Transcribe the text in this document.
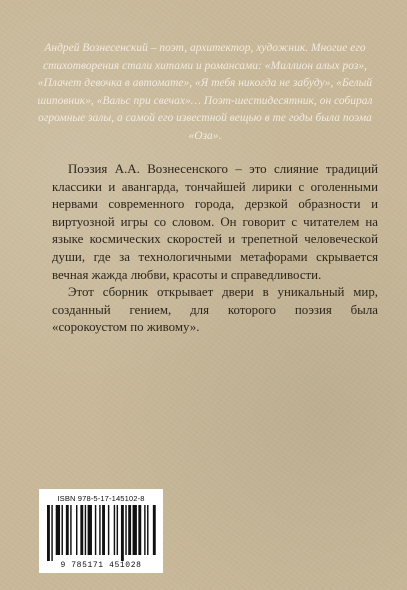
Андрей Вознесенский – поэт, архитектор, художник. Многие его стихотворения стали хитами и романсами: «Миллион алых роз», «Плачет девочка в автомате», «Я тебя никогда не забуду», «Белый шиповник», «Вальс при свечах»… Поэт-шестидесятник, он собирал огромные залы, а самой его известной вещью в те годы была поэма «Оза».

Поэзия А.А. Вознесенского – это слияние традиций классики и авангарда, тончайшей лирики с оголенными нервами современного города, дерзкой образности и виртуозной игры со словом. Он говорит с читателем на языке космических скоростей и трепетной человеческой души, где за технологичными метафорами скрывается вечная жажда любви, красоты и справедливости.

Этот сборник открывает двери в уникальный мир, созданный гением, для которого поэзия была «сорокоустом по живому».

ISBN 978-5-17-145102-8
9 785171 451028
